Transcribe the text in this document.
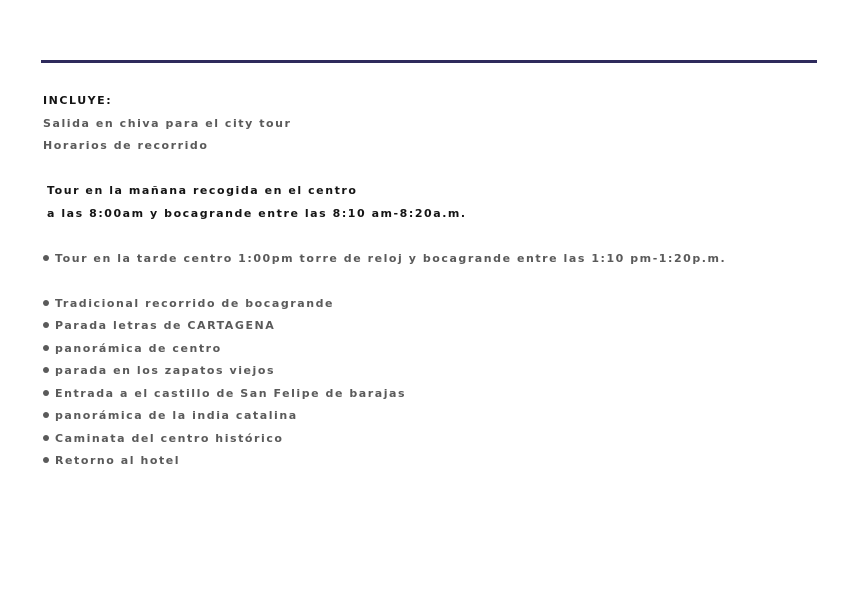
INCLUYE:
Salida en chiva para el city tour
Horarios de recorrido
Tour en la mañana recogida en el centro
a las 8:00am y bocagrande entre las 8:10 am-8:20a.m.
Tour en la tarde centro 1:00pm torre de reloj y bocagrande entre las 1:10 pm-1:20p.m.
Tradicional recorrido de bocagrande
Parada letras de CARTAGENA
panorámica de centro
parada en los zapatos viejos
Entrada a el castillo de San Felipe de barajas
panorámica de la india catalina
Caminata del centro histórico
Retorno al hotel
